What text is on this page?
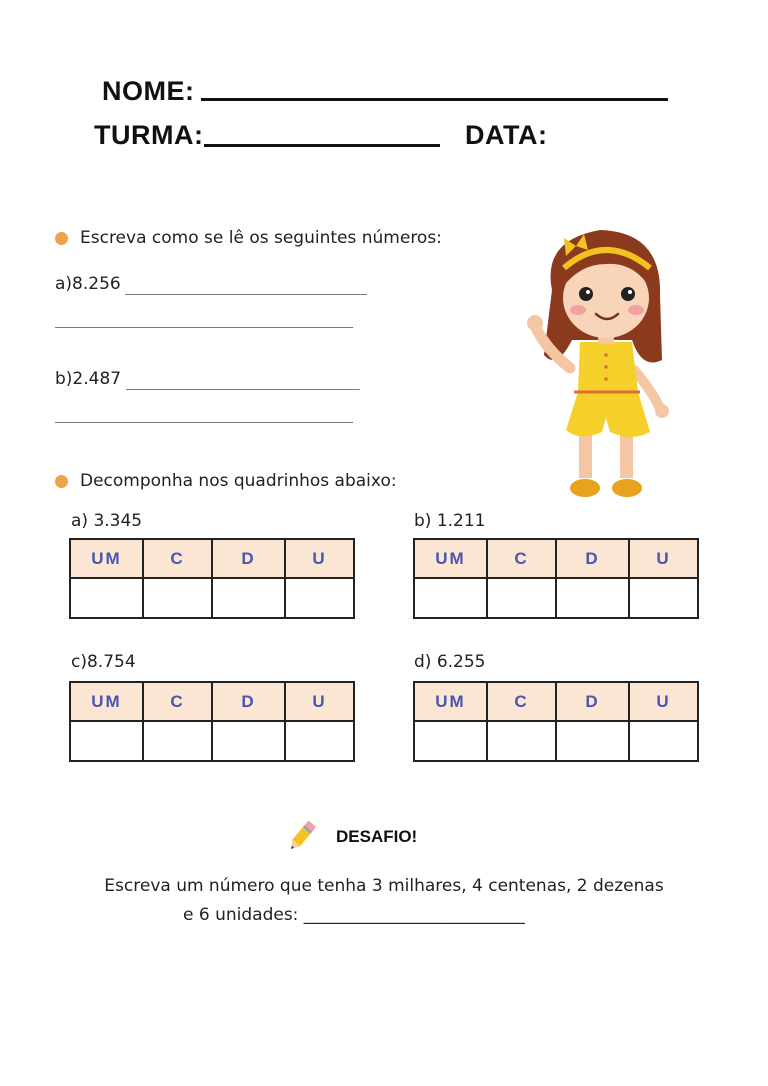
NOME:
TURMA:	DATA:
Escreva como se lê os seguintes números:
a)8.256 ______________________________
_____________________________________
b)2.487 _____________________________
_____________________________________
Decomponha nos quadrinhos abaixo:
a) 3.345
UM	C	D	U

b) 1.211
UM	C	D	U

c)8.754
UM	C	D	U

d) 6.255
UM	C	D	U

DESAFIO!
Escreva um número que tenha 3 milhares, 4 centenas, 2 dezenas
e 6 unidades: __________________________
